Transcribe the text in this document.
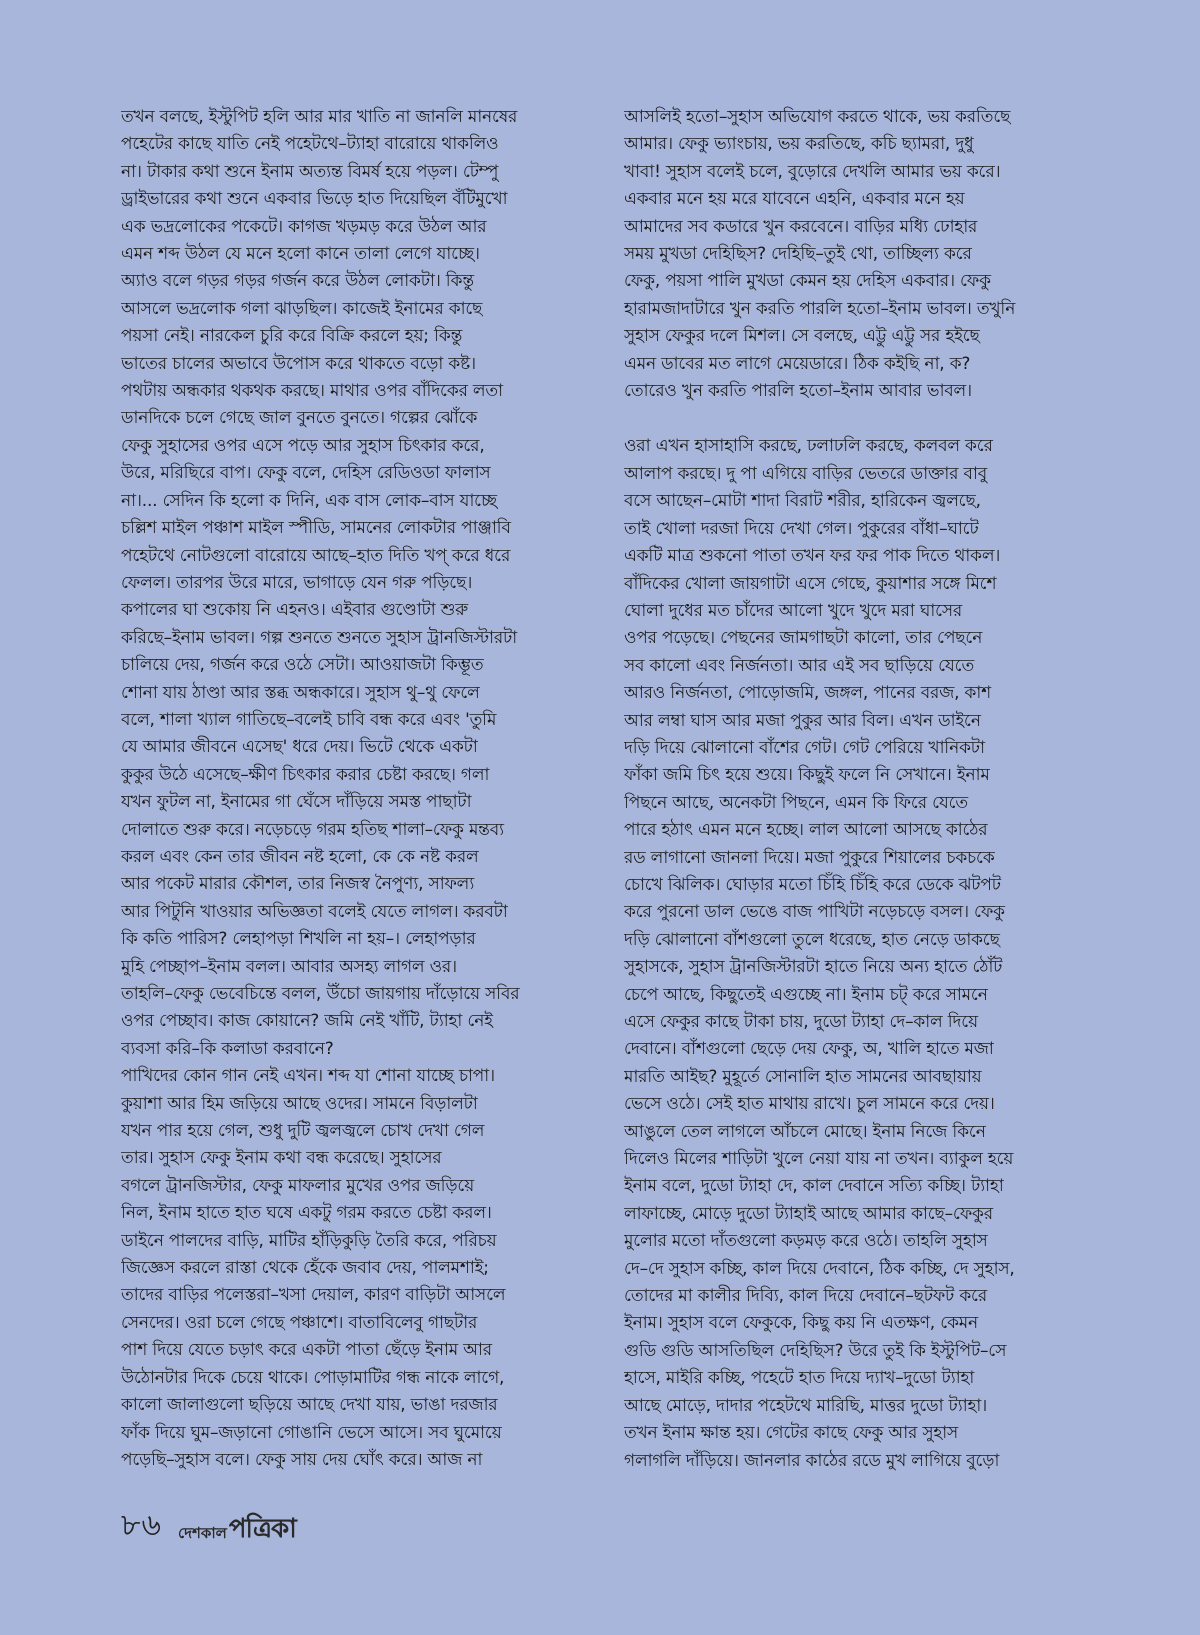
তখন বলছে, ইস্টুপিট হলি আর মার খাতি না জানলি মানষের

পহেটের কাছে যাতি নেই পহেটথে–ট্যাহা বারোয়ে থাকলিও

না। টাকার কথা শুনে ইনাম অত্যন্ত বিমর্ষ হয়ে পড়ল। টেম্পু

ড্রাইভারের কথা শুনে একবার ভিড়ে হাত দিয়েছিল বঁটিমুখো

এক ভদ্রলোকের পকেটে। কাগজ খড়মড় করে উঠল আর

এমন শব্দ উঠল যে মনে হলো কানে তালা লেগে যাচ্ছে।

অ্যাও বলে গড়র গড়র গর্জন করে উঠল লোকটা। কিন্তু

আসলে ভদ্রলোক গলা ঝাড়ছিল। কাজেই ইনামের কাছে

পয়সা নেই। নারকেল চুরি করে বিক্রি করলে হয়; কিন্তু

ভাতের চালের অভাবে উপোস করে থাকতে বড়ো কষ্ট।

পথটায় অন্ধকার থকথক করছে। মাথার ওপর বাঁদিকের লতা

ডানদিকে চলে গেছে জাল বুনতে বুনতে। গল্পের ঝোঁকে

ফেকু সুহাসের ওপর এসে পড়ে আর সুহাস চিৎকার করে,

উরে, মরিছিরে বাপ। ফেকু বলে, দেহিস রেডিওডা ফালাস

না।... সেদিন কি হলো ক দিনি, এক বাস লোক–বাস যাচ্ছে

চল্লিশ মাইল পঞ্চাশ মাইল স্পীডি, সামনের লোকটার পাঞ্জাবি

পহেটথে নোটগুলো বারোয়ে আছে–হাত দিতি খপ্ করে ধরে

ফেলল। তারপর উরে মারে, ভাগাড়ে যেন গরু পড়িছে।

কপালের ঘা শুকোয় নি এহনও। এইবার গুণ্ডোটা শুরু

করিছে–ইনাম ভাবল। গল্প শুনতে শুনতে সুহাস ট্রানজিস্টারটা

চালিয়ে দেয়, গর্জন করে ওঠে সেটা। আওয়াজটা কিম্ভূত

শোনা যায় ঠাণ্ডা আর স্তব্ধ অন্ধকারে। সুহাস থু–থু ফেলে

বলে, শালা খ্যাল গাতিছে–বলেই চাবি বন্ধ করে এবং 'তুমি

যে আমার জীবনে এসেছ' ধরে দেয়। ভিটে থেকে একটা

কুকুর উঠে এসেছে–ক্ষীণ চিৎকার করার চেষ্টা করছে। গলা

যখন ফুটল না, ইনামের গা ঘেঁসে দাঁড়িয়ে সমস্ত পাছাটা

দোলাতে শুরু করে। নড়েচড়ে গরম হতিছ শালা–ফেকু মন্তব্য

করল এবং কেন তার জীবন নষ্ট হলো, কে কে নষ্ট করল

আর পকেট মারার কৌশল, তার নিজস্ব নৈপুণ্য, সাফল্য

আর পিটুনি খাওয়ার অভিজ্ঞতা বলেই যেতে লাগল। করবটা

কি কতি পারিস? লেহাপড়া শিখলি না হয়–। লেহাপড়ার

মুহি পেচ্ছাপ–ইনাম বলল। আবার অসহ্য লাগল ওর।

তাহলি–ফেকু ভেবেচিন্তে বলল, উঁচো জায়গায় দাঁড়োয়ে সবির

ওপর পেচ্ছাব। কাজ কোয়ানে? জমি নেই খাঁটি, ট্যাহা নেই

ব্যবসা করি–কি কলাডা করবানে?

পাখিদের কোন গান নেই এখন। শব্দ যা শোনা যাচ্ছে চাপা।

কুয়াশা আর হিম জড়িয়ে আছে ওদের। সামনে বিড়ালটা

যখন পার হয়ে গেল, শুধু দুটি জ্বলজ্বলে চোখ দেখা গেল

তার। সুহাস ফেকু ইনাম কথা বন্ধ করেছে। সুহাসের

বগলে ট্রানজিস্টার, ফেকু মাফলার মুখের ওপর জড়িয়ে

নিল, ইনাম হাতে হাত ঘষে একটু গরম করতে চেষ্টা করল।

ডাইনে পালদের বাড়ি, মাটির হাঁড়িকুড়ি তৈরি করে, পরিচয়

জিজ্ঞেস করলে রাস্তা থেকে হেঁকে জবাব দেয়, পালমশাই;

তাদের বাড়ির পলেস্তরা–খসা দেয়াল, কারণ বাড়িটা আসলে

সেনদের। ওরা চলে গেছে পঞ্চাশে। বাতাবিলেবু গাছটার

পাশ দিয়ে যেতে চড়াৎ করে একটা পাতা ছেঁড়ে ইনাম আর

উঠোনটার দিকে চেয়ে থাকে। পোড়ামাটির গন্ধ নাকে লাগে,

কালো জালাগুলো ছড়িয়ে আছে দেখা যায়, ভাঙা দরজার

ফাঁক দিয়ে ঘুম–জড়ানো গোঙানি ভেসে আসে। সব ঘুমোয়ে

পড়েছি–সুহাস বলে। ফেকু সায় দেয় ঘোঁৎ করে। আজ না

আসলিই হতো–সুহাস অভিযোগ করতে থাকে, ভয় করতিছে

আমার। ফেকু ভ্যাংচায়, ভয় করতিছে, কচি ছ্যামরা, দুধু

খাবা! সুহাস বলেই চলে, বুড়োরে দেখলি আমার ভয় করে।

একবার মনে হয় মরে যাবেনে এহনি, একবার মনে হয়

আমাদের সব কডারে খুন করবেনে। বাড়ির মধ্যি ঢোহার

সময় মুখডা দেহিছিস? দেহিছি–তুই থো, তাচ্ছিল্য করে

ফেকু, পয়সা পালি মুখডা কেমন হয় দেহিস একবার। ফেকু

হারামজাদাটারে খুন করতি পারলি হতো–ইনাম ভাবল। তখুনি

সুহাস ফেকুর দলে মিশল। সে বলছে, এট্টু এট্টু সর হইছে

এমন ডাবের মত লাগে মেয়েডারে। ঠিক কইছি না, ক?

তোরেও খুন করতি পারলি হতো–ইনাম আবার ভাবল।

ওরা এখন হাসাহাসি করছে, ঢলাঢলি করছে, কলবল করে

আলাপ করছে। দু পা এগিয়ে বাড়ির ভেতরে ডাক্তার বাবু

বসে আছেন–মোটা শাদা বিরাট শরীর, হারিকেন জ্বলছে,

তাই খোলা দরজা দিয়ে দেখা গেল। পুকুরের বাঁধা–ঘাটে

একটি মাত্র শুকনো পাতা তখন ফর ফর পাক দিতে থাকল।

বাঁদিকের খোলা জায়গাটা এসে গেছে, কুয়াশার সঙ্গে মিশে

ঘোলা দুধের মত চাঁদের আলো খুদে খুদে মরা ঘাসের

ওপর পড়েছে। পেছনের জামগাছটা কালো, তার পেছনে

সব কালো এবং নির্জনতা। আর এই সব ছাড়িয়ে যেতে

আরও নির্জনতা, পোড়োজমি, জঙ্গল, পানের বরজ, কাশ

আর লম্বা ঘাস আর মজা পুকুর আর বিল। এখন ডাইনে

দড়ি দিয়ে ঝোলানো বাঁশের গেট। গেট পেরিয়ে খানিকটা

ফাঁকা জমি চিৎ হয়ে শুয়ে। কিছুই ফলে নি সেখানে। ইনাম

পিছনে আছে, অনেকটা পিছনে, এমন কি ফিরে যেতে

পারে হঠাৎ এমন মনে হচ্ছে। লাল আলো আসছে কাঠের

রড লাগানো জানলা দিয়ে। মজা পুকুরে শিয়ালের চকচকে

চোখে ঝিলিক। ঘোড়ার মতো চিঁহি চিঁহি করে ডেকে ঝটপট

করে পুরনো ডাল ভেঙে বাজ পাখিটা নড়েচড়ে বসল। ফেকু

দড়ি ঝোলানো বাঁশগুলো তুলে ধরেছে, হাত নেড়ে ডাকছে

সুহাসকে, সুহাস ট্রানজিস্টারটা হাতে নিয়ে অন্য হাতে ঠোঁট

চেপে আছে, কিছুতেই এগুচ্ছে না। ইনাম চট্ করে সামনে

এসে ফেকুর কাছে টাকা চায়, দুডো ট্যাহা দে–কাল দিয়ে

দেবানে। বাঁশগুলো ছেড়ে দেয় ফেকু, অ, খালি হাতে মজা

মারতি আইছ? মুহূর্তে সোনালি হাত সামনের আবছায়ায়

ভেসে ওঠে। সেই হাত মাথায় রাখে। চুল সামনে করে দেয়।

আঙুলে তেল লাগলে আঁচলে মোছে। ইনাম নিজে কিনে

দিলেও মিলের শাড়িটা খুলে নেয়া যায় না তখন। ব্যাকুল হয়ে

ইনাম বলে, দুডো ট্যাহা দে, কাল দেবানে সত্যি কচ্ছি। ট্যাহা

লাফাচ্ছে, মোড়ে দুডো ট্যাহাই আছে আমার কাছে–ফেকুর

মুলোর মতো দাঁতগুলো কড়মড় করে ওঠে। তাহলি সুহাস

দে–দে সুহাস কচ্ছি, কাল দিয়ে দেবানে, ঠিক কচ্ছি, দে সুহাস,

তোদের মা কালীর দিব্যি, কাল দিয়ে দেবানে–ছটফট করে

ইনাম। সুহাস বলে ফেকুকে, কিছু কয় নি এতক্ষণ, কেমন

গুডি গুডি আসতিছিল দেহিছিস? উরে তুই কি ইস্টুপিট–সে

হাসে, মাইরি কচ্ছি, পহেটে হাত দিয়ে দ্যাখ–দুডো ট্যাহা

আছে মোড়ে, দাদার পহেটথে মারিছি, মাত্তর দুডো ট্যাহা।

তখন ইনাম ক্ষান্ত হয়। গেটের কাছে ফেকু আর সুহাস

গলাগলি দাঁড়িয়ে। জানলার কাঠের রডে মুখ লাগিয়ে বুড়ো

৮৬ দেশকাল পত্রিকা
